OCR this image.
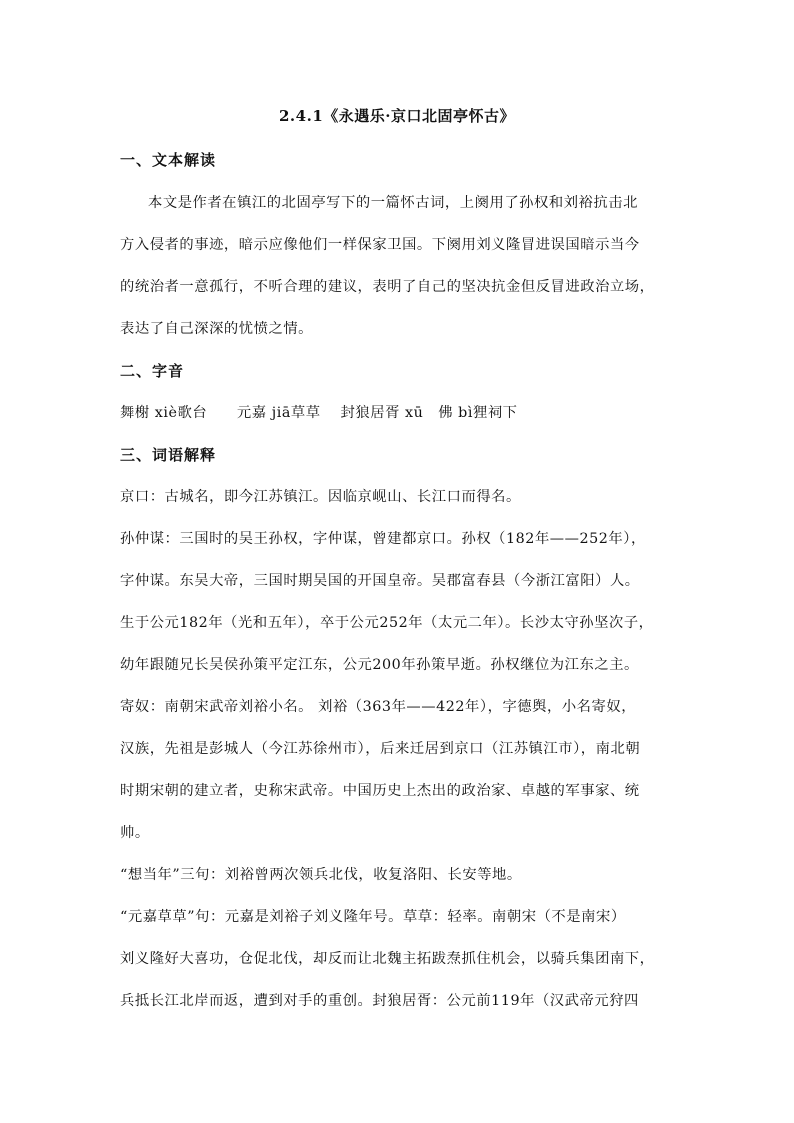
2.4.1《永遇乐·京口北固亭怀古》
一、文本解读
本文是作者在镇江的北固亭写下的一篇怀古词，上阕用了孙权和刘裕抗击北
方入侵者的事迹，暗示应像他们一样保家卫国。下阕用刘义隆冒进误国暗示当今
的统治者一意孤行，不听合理的建议，表明了自己的坚决抗金但反冒进政治立场，
表达了自己深深的忧愤之情。
二、字音
舞榭 xiè歌台　　元嘉 jiā草草　 封狼居胥 xū　佛 bì狸祠下
三、词语解释
京口：古城名，即今江苏镇江。因临京岘山、长江口而得名。
孙仲谋：三国时的吴王孙权，字仲谋，曾建都京口。孙权（182年——252年），
字仲谋。东吴大帝，三国时期吴国的开国皇帝。吴郡富春县（今浙江富阳）人。
生于公元182年（光和五年），卒于公元252年（太元二年）。长沙太守孙坚次子，
幼年跟随兄长吴侯孙策平定江东，公元200年孙策早逝。孙权继位为江东之主。
寄奴：南朝宋武帝刘裕小名。 刘裕（363年——422年），字德舆，小名寄奴，
汉族，先祖是彭城人（今江苏徐州市），后来迁居到京口（江苏镇江市），南北朝
时期宋朝的建立者，史称宋武帝。中国历史上杰出的政治家、卓越的军事家、统
帅。
“想当年”三句：刘裕曾两次领兵北伐，收复洛阳、长安等地。
“元嘉草草”句：元嘉是刘裕子刘义隆年号。草草：轻率。南朝宋（不是南宋）
刘义隆好大喜功，仓促北伐，却反而让北魏主拓跋焘抓住机会，以骑兵集团南下，
兵抵长江北岸而返，遭到对手的重创。封狼居胥：公元前119年（汉武帝元狩四
